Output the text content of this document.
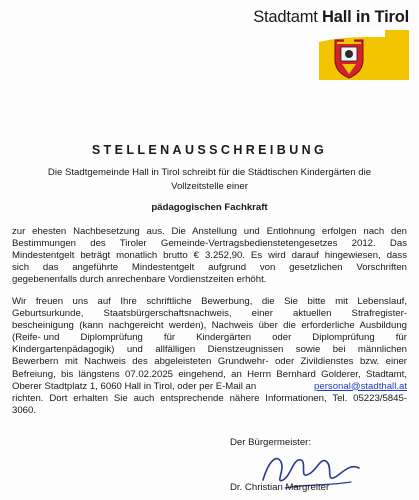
Stadtamt Hall in Tirol
STELLENAUSSCHREIBUNG
Die Stadtgemeinde Hall in Tirol schreibt für die Städtischen Kindergärten die
Vollzeitstelle einer
pädagogischen Fachkraft
zur ehesten Nachbesetzung aus. Die Anstellung und Entlohnung erfolgen nach den
Bestimmungen des Tiroler Gemeinde-Vertragsbedienstetengesetzes 2012. Das
Mindestentgelt beträgt monatlich brutto € 3.252,90. Es wird darauf hingewiesen, dass
sich das angeführte Mindestentgelt aufgrund von gesetzlichen Vorschriften
gegebenenfalls durch anrechenbare Vordienstzeiten erhöht.
Wir freuen uns auf Ihre schriftliche Bewerbung, die Sie bitte mit Lebenslauf,
Geburtsurkunde, Staatsbürgerschaftsnachweis, einer aktuellen Strafregister-
bescheinigung (kann nachgereicht werden), Nachweis über die erforderliche Ausbildung
(Reife- und Diplomprüfung für Kindergärten oder Diplomprüfung für
Kindergartenpädagogik) und allfälligen Dienstzeugnissen sowie bei männlichen
Bewerbern mit Nachweis des abgeleisteten Grundwehr- oder Zivildienstes bzw. einer
Befreiung, bis längstens 07.02.2025 eingehend, an Herrn Bernhard Golderer, Stadtamt,
Oberer Stadtplatz 1, 6060 Hall in Tirol, oder per E-Mail an	personal@stadthall.at
richten. Dort erhalten Sie auch entsprechende nähere Informationen, Tel. 05223/5845-
3060.
Der Bürgermeister:
Dr. Christian Margreiter
